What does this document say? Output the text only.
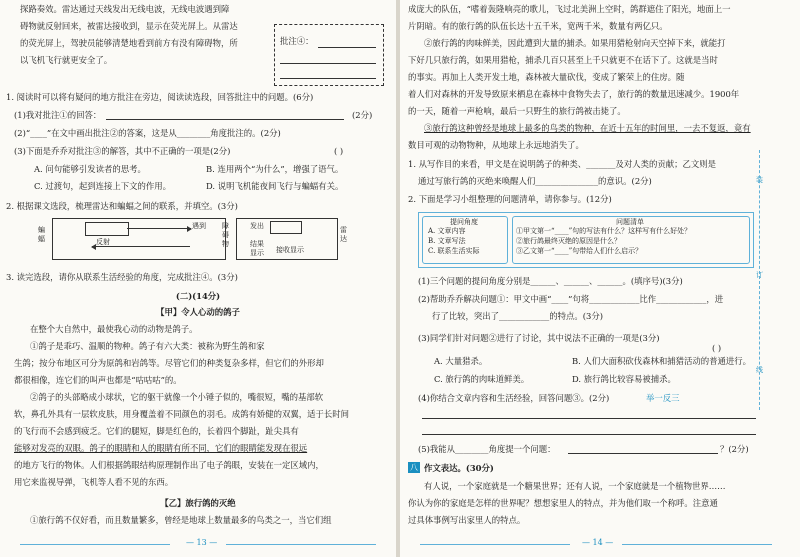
探路奏效。雷达通过天线发出无线电波，无线电波遇到障
碍物就反射回来，被雷达接收到，显示在荧光屏上。从雷达
的荧光屏上，驾驶员能够清楚地看到前方有没有障碍物，所
以飞机飞行就更安全了。
批注④：
1. 阅读时可以将有疑问的地方批注在旁边，阅读读选段，回答批注中的问题。(6分)
(1)我对批注①的回答：	(2分)
(2)“____”在文中画出批注②的答案，这是从________角度批注的。(2分)
(3)下面是乔乔对批注③的解答，其中不正确的一项是(2分)	( )
A. 问句能够引发读者的思考。	B. 连用两个“为什么”，增强了语气。
C. 过渡句，起到连接上下文的作用。	D. 说明飞机能夜间飞行与蝙蝠有关。
2. 根据课文选段，梳理雷达和蝙蝠之间的联系，并填空。(3分)
蝙蝠
遇到 障碍物
反射
发出
结果
显示 接收显示
雷达
3. 读完选段，请你从联系生活经验的角度，完成批注④。(3分)
(二)(14分)
【甲】令人心动的鸽子
在整个大自然中，最使我心动的动物是鸽子。
①鸽子是乖巧、温顺的物种。鸽子有六大类：被称为野生鸽和家
生鸽；按分布地区可分为原鸽和岩鸽等。尽管它们的种类复杂多样，但它们的外形却
都很相像，连它们的叫声也都是“咕咕咕”的。
②鸽子的头部略成小球状，它的躯干就像一个小锤子似的，嘴很短，嘴的基部软
软，鼻孔外具有一层软皮肤，用身覆盖着不同颜色的羽毛。成鸽有娇健的双翼，适于长时间
的飞行而不会感到疲乏。它们的腿短，脚是红色的，长着四个脚趾，趾尖具有
能够对发亮的双眼。鸽子的眼睛和人的眼睛有所不同，它们的眼睛能发现在很远
的地方飞行的物体。人们根据鸽眼结构原理制作出了电子鸽眼，安装在一定区域内，
用它来监视导弹，飞机等人看不见的东西。
【乙】旅行鸽的灭绝
①旅行鸽不仅好看，而且数量繁多，曾经是地球上数量最多的鸟类之一，当它们组
— 13 —
成庞大的队伍，“嗜着轰隆响亮的歌儿，飞过北美洲上空时，鸽群遮住了阳光，地面上一
片阴暗。有的旅行鸽的队伍长达十五千米，宽两千米，数量有两亿只。
②旅行鸽的肉味鲜美，因此遭到大量的捕杀。如果用猎枪射向天空掉下来，就能打
下好几只旅行鸽，如果用猎枪，捕杀几百只甚至上千只就更不在话下了。这就是当时
的事实。再加上人类开发土地，森林被大量砍伐，变成了繁荣上的住房。随
着人们对森林的开发导致原来栖息在森林中食物失去了，旅行鸽的数量迅速减少。1900年
的一天，随着一声枪响，最后一只野生的旅行鸽被击毙了。
③旅行鸽这种曾经是地球上最多的鸟类的物种，在近十五年的时间里，一去不复返，竟有
数目可观的动物物种，从地球上永远地消失了。
1. 从写作目的来看，甲文是在说明鸽子的种类、_______及对人类的贡献；乙文则是
通过写旅行鸽的灭绝来唤醒人们_______________的意识。(2分)
2. 下面是学习小组整理的问题清单，请你参与。(12分)
提问角度
A. 文章内容
B. 文章写法
C. 联系生活实际
问题清单
①甲文第一“____”句的写法有什么？这样写有什么好处？
②旅行鸽最终灭绝的原因是什么？
③乙文第一“____”句带给人们什么启示？
(1)三个问题的提问角度分别是______、______、______。(填序号)(3分)
(2)帮助乔乔解决问题①：甲文中画“____”句将____________比作____________，进
行了比较，突出了____________的特点。(3分)
(3)同学们针对问题②进行了讨论，其中说法不正确的一项是(3分)
( )
A. 大量猎杀。	B. 人们大面积砍伐森林和捕猎活动的普通进行。
C. 旅行鸽的肉味道鲜美。	D. 旅行鸽比较容易被捕杀。
(4)你结合文章内容和生活经验，回答问题③。(2分)	举一反三
(5)我能从________角度提一个问题：	？(2分)
八 作文表达。(30分)
有人说，一个家庭就是一个糖果世界；还有人说，一个家庭就是一个植物世界……
你认为你的家庭是怎样的世界呢？想想家里人的特点，并为他们取一个称呼。注意通
过具体事例写出家里人的特点。
装
订
线
— 14 —
